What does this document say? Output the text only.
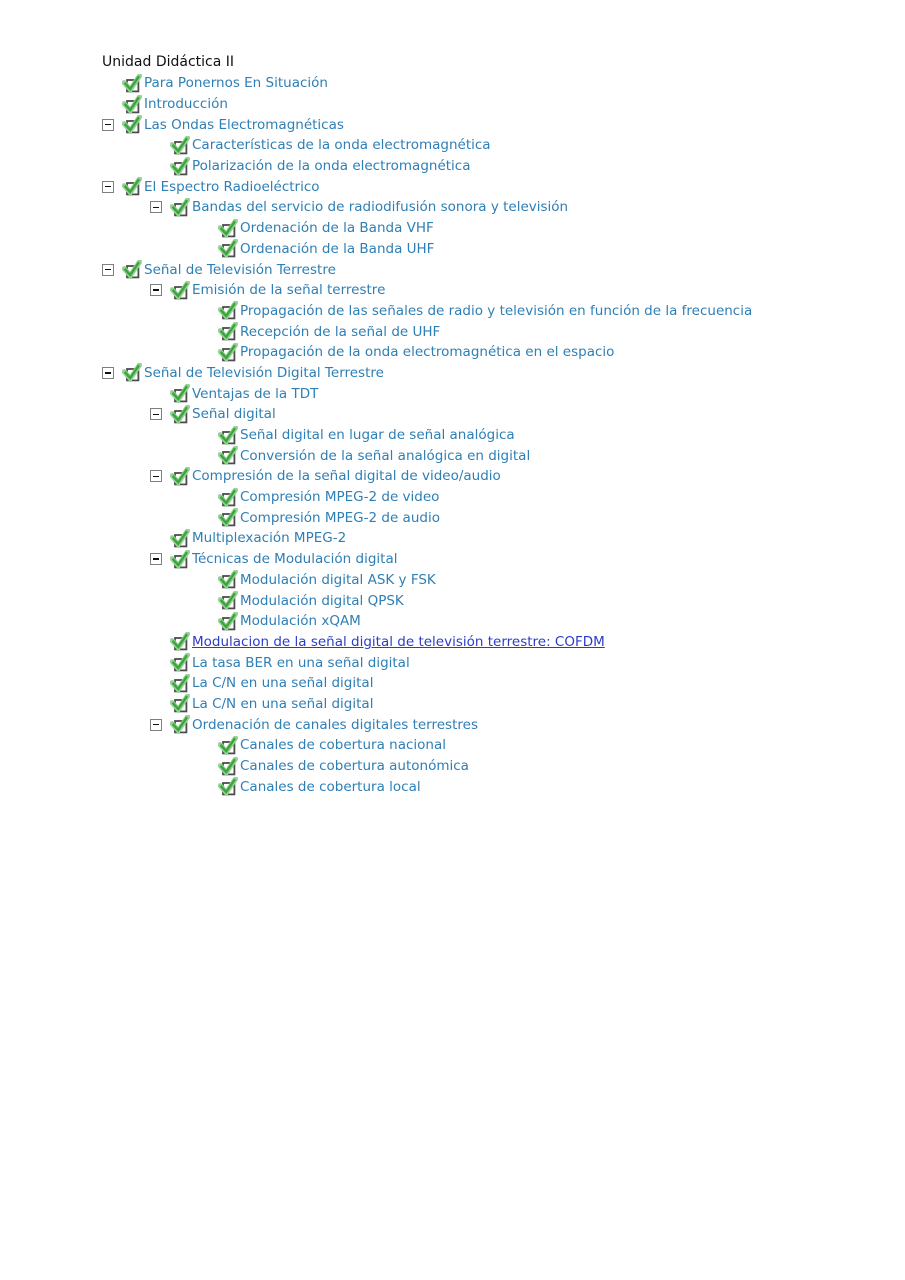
Unidad Didáctica II
Para Ponernos En Situación
Introducción
Las Ondas Electromagnéticas
Características de la onda electromagnética
Polarización de la onda electromagnética
El Espectro Radioeléctrico
Bandas del servicio de radiodifusión sonora y televisión
Ordenación de la Banda VHF
Ordenación de la Banda UHF
Señal de Televisión Terrestre
Emisión de la señal terrestre
Propagación de las señales de radio y televisión en función de la frecuencia
Recepción de la señal de UHF
Propagación de la onda electromagnética en el espacio
Señal de Televisión Digital Terrestre
Ventajas de la TDT
Señal digital
Señal digital en lugar de señal analógica
Conversión de la señal analógica en digital
Compresión de la señal digital de video/audio
Compresión MPEG-2 de video
Compresión MPEG-2 de audio
Multiplexación MPEG-2
Técnicas de Modulación digital
Modulación digital ASK y FSK
Modulación digital QPSK
Modulación xQAM
Modulacion de la señal digital de televisión terrestre: COFDM
La tasa BER en una señal digital
La C/N en una señal digital
La C/N en una señal digital
Ordenación de canales digitales terrestres
Canales de cobertura nacional
Canales de cobertura autonómica
Canales de cobertura local
